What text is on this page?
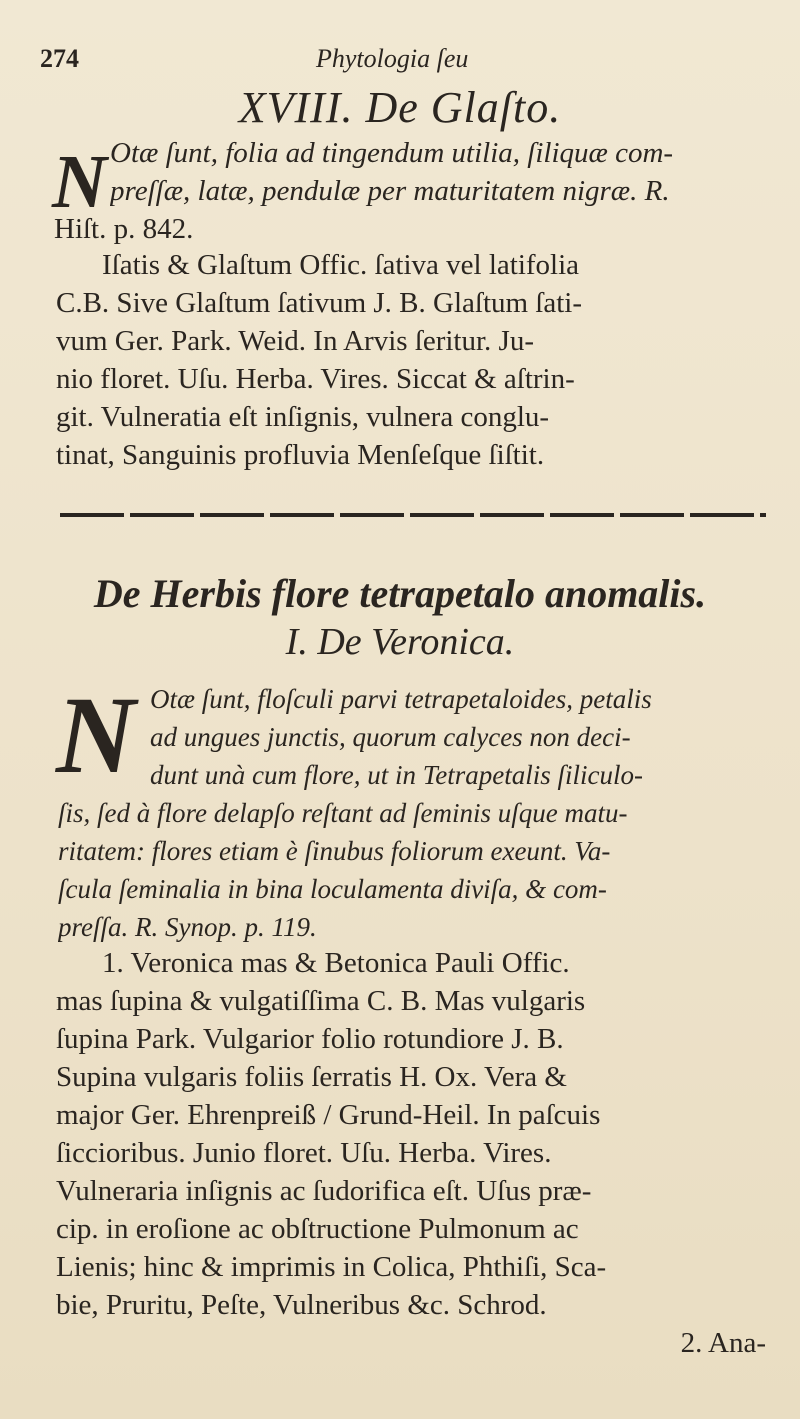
274	Phytologia ſeu
XVIII. De Glaſto.
N Otæ ſunt, folia ad tingendum utilia, ſiliquæ com-
preſſæ, latæ, pendulæ per maturitatem nigræ. R.
Hiſt. p. 842.
Iſatis & Glaſtum Offic. ſativa vel latifolia
C.B. Sive Glaſtum ſativum J. B. Glaſtum ſati-
vum Ger. Park. Weid. In Arvis ſeritur. Ju-
nio floret. Uſu. Herba. Vires. Siccat & aſtrin-
git. Vulneratia eſt inſignis, vulnera conglu-
tinat, Sanguinis profluvia Menſeſque ſiſtit.
De Herbis flore tetrapetalo anomalis.
I. De Veronica.
N Otæ ſunt, floſculi parvi tetrapetaloides, petalis
ad ungues junctis, quorum calyces non deci-
dunt unà cum flore, ut in Tetrapetalis ſiliculo-
ſis, ſed à flore delapſo reſtant ad ſeminis uſque matu-
ritatem: flores etiam è ſinubus foliorum exeunt. Va-
ſcula ſeminalia in bina loculamenta diviſa, & com-
preſſa. R. Synop. p. 119.
1. Veronica mas & Betonica Pauli Offic.
mas ſupina & vulgatiſſima C. B. Mas vulgaris
ſupina Park. Vulgarior folio rotundiore J. B.
Supina vulgaris foliis ſerratis H. Ox. Vera &
major Ger. Ehrenpreiß / Grund-Heil. In paſcuis
ſiccioribus. Junio floret. Uſu. Herba. Vires.
Vulneraria inſignis ac ſudorifica eſt. Uſus præ-
cip. in eroſione ac obſtructione Pulmonum ac
Lienis; hinc & imprimis in Colica, Phthiſi, Sca-
bie, Pruritu, Peſte, Vulneribus &c. Schrod.
2. Ana-
